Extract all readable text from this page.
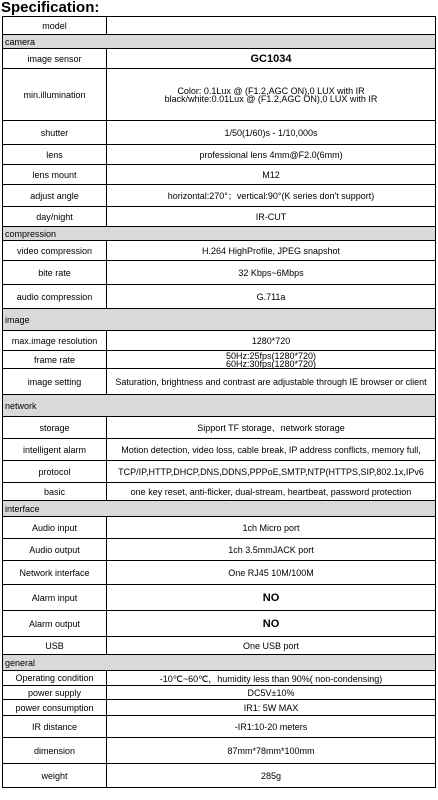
Specification:
model	
camera	
image sensor	GC1034
min.illumination	Color: 0.1Lux @ (F1.2,AGC ON),0 LUX with IR
black/white:0.01Lux @ (F1.2,AGC ON),0 LUX with IR

shutter	1/50(1/60)s - 1/10,000s
lens	professional lens 4mm@F2.0(6mm)
lens mount	M12
adjust angle	horizontal:270°；vertical:90°(K series don't support)
day/night	IR-CUT
compression	
video compression	H.264 HighProfile, JPEG snapshot
bite rate	32 Kbps~6Mbps
audio compression	G.711a
image	
max.image resolution	1280*720
frame rate	50Hz:25fps(1280*720)
60Hz:30fps(1280*720)

image setting	Saturation, brightness and contrast are adjustable through IE browser or client
network	
storage	Sipport TF storage、network storage
intelligent alarm	Motion detection, video loss, cable break, IP address conflicts, memory full,
protocol	TCP/IP,HTTP,DHCP,DNS,DDNS,PPPoE,SMTP,NTP(HTTPS,SIP,802.1x,IPv6
basic	one key reset, anti-flicker, dual-stream, heartbeat, password protection
interface	
Audio input	1ch Micro port
Audio output	1ch 3.5mmJACK port
Network interface	One RJ45 10M/100M
Alarm input	NO
Alarm output	NO
USB	One USB port
general	
Operating condition	-10℃~60℃，humidity less than 90%( non-condensing)
power supply	DC5V±10%
power consumption	IR1: 5W MAX
IR distance	-IR1:10-20 meters
dimension	87mm*78mm*100mm
weight	285g
